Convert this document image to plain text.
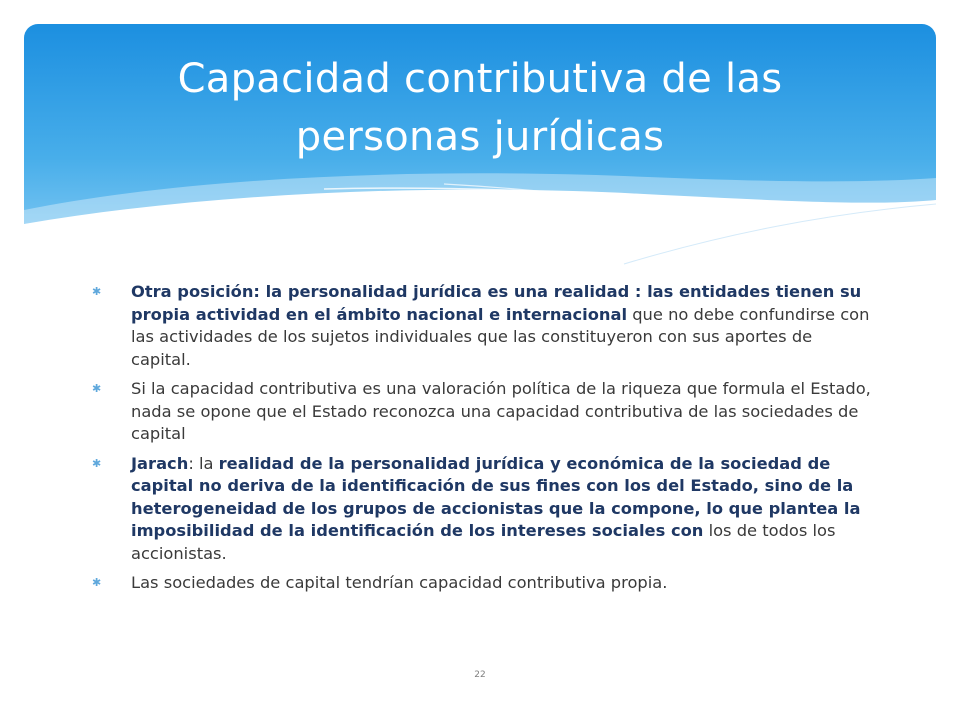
Capacidad contributiva de las
personas jurídicas
✱	Otra posición: la personalidad jurídica es una realidad : las entidades tienen su propia actividad en el ámbito nacional e internacional que no debe confundirse con las actividades de los sujetos individuales que las constituyeron con sus aportes de capital.
✱	Si la capacidad contributiva es una valoración política de la riqueza que formula el Estado, nada se opone que el Estado reconozca una capacidad contributiva de las sociedades de capital
✱	Jarach: la realidad de la personalidad jurídica y económica de la sociedad de capital no deriva de la identificación de sus fines con los del Estado, sino de la heterogeneidad de los grupos de accionistas que la compone, lo que plantea la imposibilidad de la identificación de los intereses sociales con los de todos los accionistas.
✱	Las sociedades de capital tendrían capacidad contributiva propia.
22
